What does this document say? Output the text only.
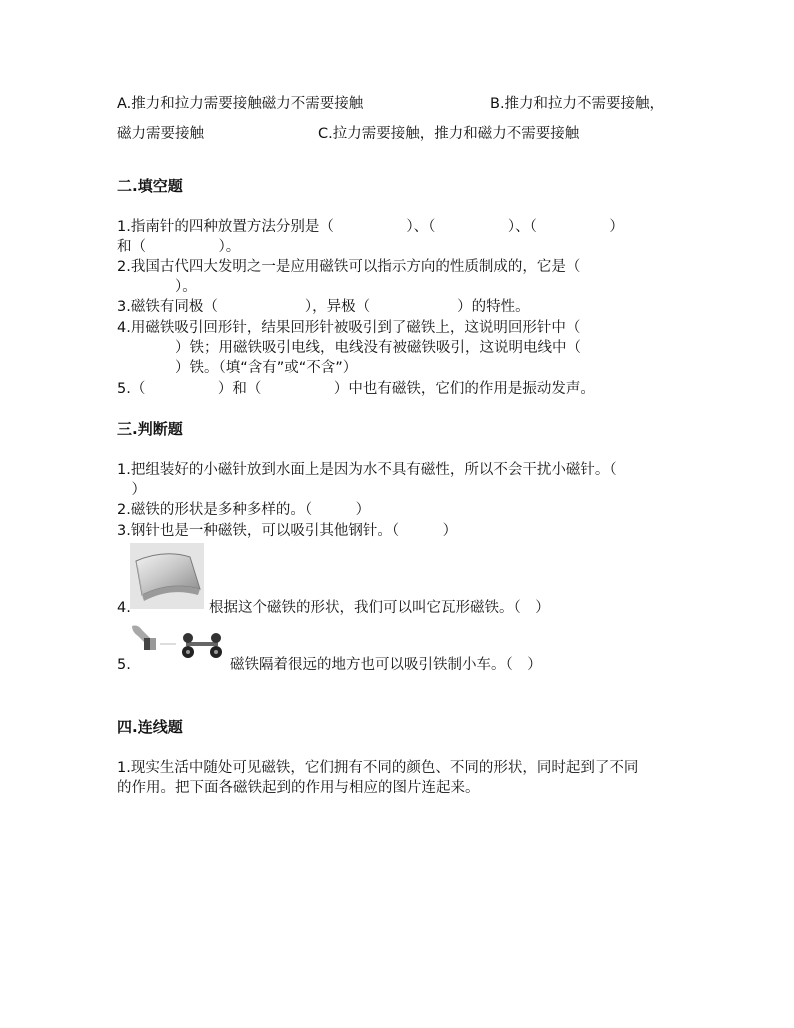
A.推力和拉力需要接触磁力不需要接触	B.推力和拉力不需要接触，
磁力需要接触	C.拉力需要接触，推力和磁力不需要接触
二.填空题
1.指南针的四种放置方法分别是（　　　　　）、（　　　　　）、（　　　　　）
和（　　　　　）。
2.我国古代四大发明之一是应用磁铁可以指示方向的性质制成的，它是（
　　　　）。
3.磁铁有同极（　　　　　　），异极（　　　　　　）的特性。
4.用磁铁吸引回形针，结果回形针被吸引到了磁铁上，这说明回形针中（
　　　　）铁；用磁铁吸引电线，电线没有被磁铁吸引，这说明电线中（
　　　　）铁。（填“含有”或“不含”）
5.（　　　　　）和（　　　　　）中也有磁铁，它们的作用是振动发声。
三.判断题
1.把组装好的小磁针放到水面上是因为水不具有磁性，所以不会干扰小磁针。（
　）
2.磁铁的形状是多种多样的。（　　　）
3.钢针也是一种磁铁，可以吸引其他钢针。（　　　）
4.	根据这个磁铁的形状，我们可以叫它瓦形磁铁。（　）
5.	磁铁隔着很远的地方也可以吸引铁制小车。（　）
四.连线题
1.现实生活中随处可见磁铁，它们拥有不同的颜色、不同的形状，同时起到了不同
的作用。把下面各磁铁起到的作用与相应的图片连起来。
